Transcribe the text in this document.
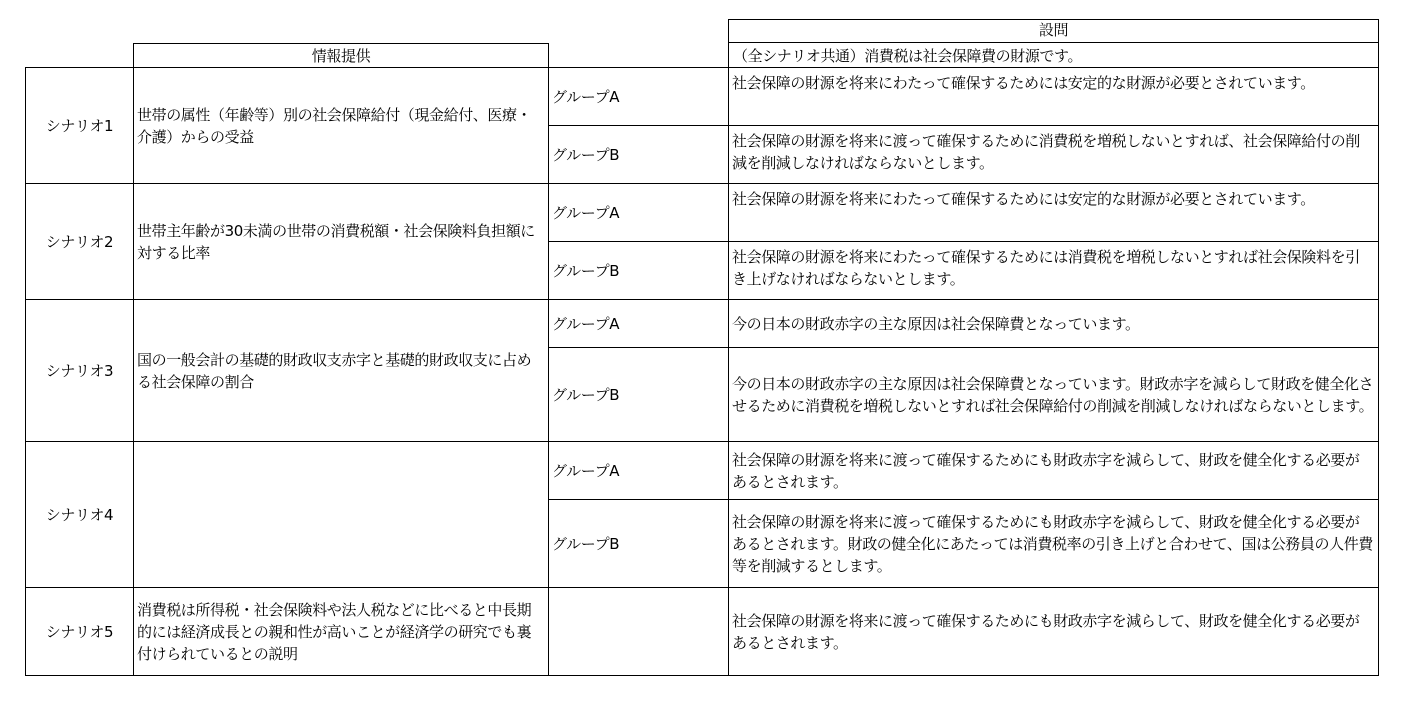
設問
情報提供	（全シナリオ共通）消費税は社会保障費の財源です。
シナリオ1
世帯の属性（年齢等）別の社会保障給付（現金給付、医療・介護）からの受益
グループA
社会保障の財源を将来にわたって確保するためには安定的な財源が必要とされています。
グループB
社会保障の財源を将来に渡って確保するために消費税を増税しないとすれば、社会保障給付の削減を削減しなければならないとします。
シナリオ2
世帯主年齢が30未満の世帯の消費税額・社会保険料負担額に対する比率
グループA
社会保障の財源を将来にわたって確保するためには安定的な財源が必要とされています。
グループB
社会保障の財源を将来にわたって確保するためには消費税を増税しないとすれば社会保険料を引き上げなければならないとします。
シナリオ3
国の一般会計の基礎的財政収支赤字と基礎的財政収支に占める社会保障の割合
グループA	今の日本の財政赤字の主な原因は社会保障費となっています。
グループB
今の日本の財政赤字の主な原因は社会保障費となっています。財政赤字を減らして財政を健全化させるために消費税を増税しないとすれば社会保障給付の削減を削減しなければならないとします。
シナリオ4
グループA
社会保障の財源を将来に渡って確保するためにも財政赤字を減らして、財政を健全化する必要があるとされます。
グループB
社会保障の財源を将来に渡って確保するためにも財政赤字を減らして、財政を健全化する必要があるとされます。財政の健全化にあたっては消費税率の引き上げと合わせて、国は公務員の人件費等を削減するとします。
シナリオ5
消費税は所得税・社会保険料や法人税などに比べると中長期的には経済成長との親和性が高いことが経済学の研究でも裏付けられているとの説明
社会保障の財源を将来に渡って確保するためにも財政赤字を減らして、財政を健全化する必要があるとされます。
